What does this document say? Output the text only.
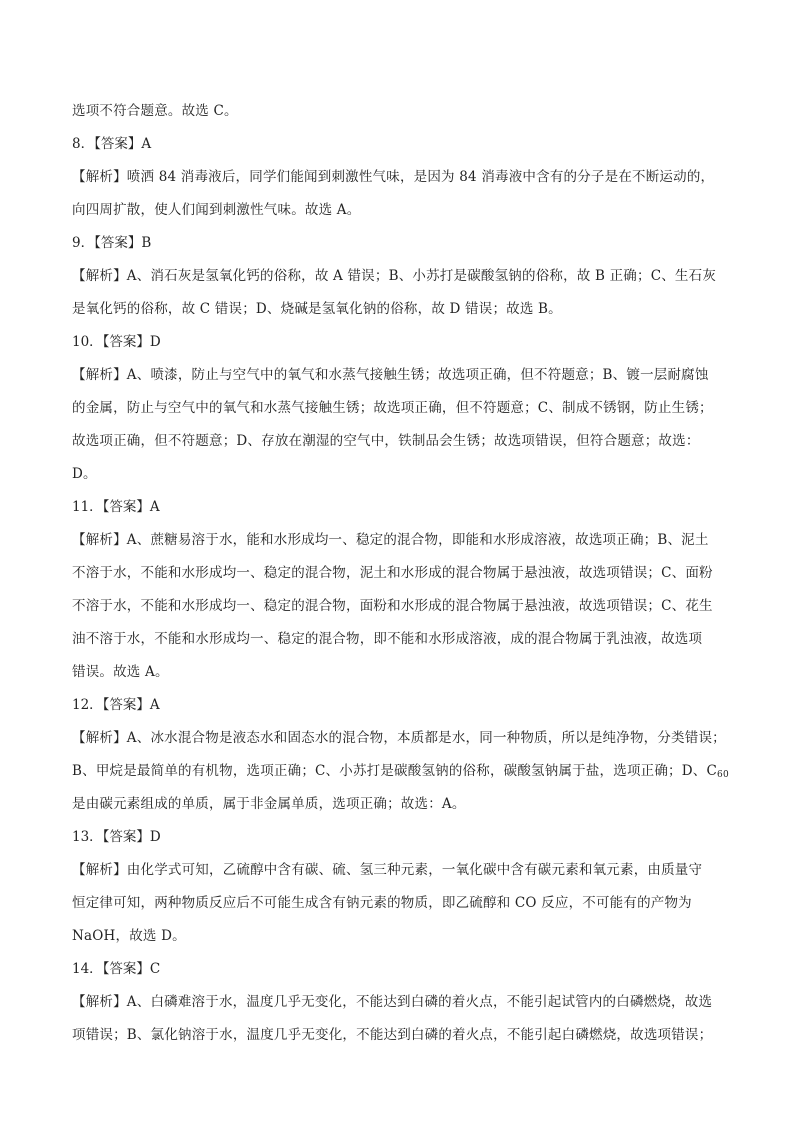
选项不符合题意。故选 C。
8．【答案】A
【解析】喷洒 84 消毒液后，同学们能闻到刺激性气味，是因为 84 消毒液中含有的分子是在不断运动的，
向四周扩散，使人们闻到刺激性气味。故选 A。
9．【答案】B
【解析】A、消石灰是氢氧化钙的俗称，故 A 错误；B、小苏打是碳酸氢钠的俗称，故 B 正确；C、生石灰
是氧化钙的俗称，故 C 错误；D、烧碱是氢氧化钠的俗称，故 D 错误；故选 B。
10．【答案】D
【解析】A、喷漆，防止与空气中的氧气和水蒸气接触生锈；故选项正确，但不符题意；B、镀一层耐腐蚀
的金属，防止与空气中的氧气和水蒸气接触生锈；故选项正确，但不符题意；C、制成不锈钢，防止生锈；
故选项正确，但不符题意；D、存放在潮湿的空气中，铁制品会生锈；故选项错误，但符合题意；故选：
D。
11．【答案】A
【解析】A、蔗糖易溶于水，能和水形成均一、稳定的混合物，即能和水形成溶液，故选项正确；B、泥土
不溶于水，不能和水形成均一、稳定的混合物，泥土和水形成的混合物属于悬浊液，故选项错误；C、面粉
不溶于水，不能和水形成均一、稳定的混合物，面粉和水形成的混合物属于悬浊液，故选项错误；C、花生
油不溶于水，不能和水形成均一、稳定的混合物，即不能和水形成溶液，成的混合物属于乳浊液，故选项
错误。故选 A。
12．【答案】A
【解析】A、冰水混合物是液态水和固态水的混合物，本质都是水，同一种物质，所以是纯净物，分类错误；
B、甲烷是最简单的有机物，选项正确；C、小苏打是碳酸氢钠的俗称，碳酸氢钠属于盐，选项正确；D、$C_{60}$
是由碳元素组成的单质，属于非金属单质，选项正确；故选：A。
13．【答案】D
【解析】由化学式可知，乙硫醇中含有碳、硫、氢三种元素，一氧化碳中含有碳元素和氧元素，由质量守
恒定律可知，两种物质反应后不可能生成含有钠元素的物质，即乙硫醇和 CO 反应，不可能有的产物为
NaOH，故选 D。
14．【答案】C
【解析】A、白磷难溶于水，温度几乎无变化，不能达到白磷的着火点，不能引起试管内的白磷燃烧，故选
项错误；B、氯化钠溶于水，温度几乎无变化，不能达到白磷的着火点，不能引起白磷燃烧，故选项错误；
